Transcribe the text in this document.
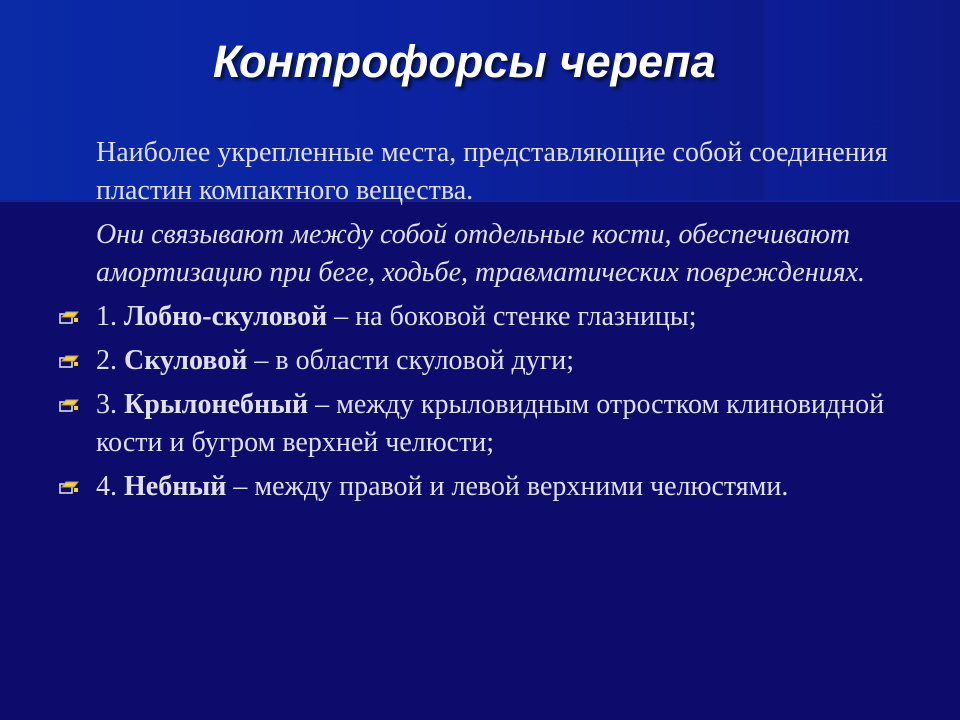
Контрофорсы черепа

Наиболее укрепленные места, представляющие собой соединения пластин компактного вещества.

Они связывают между собой отдельные кости, обеспечивают амортизацию при беге, ходьбе, травматических повреждениях.

1. Лобно-скуловой – на боковой стенке глазницы;
2. Скуловой – в области скуловой дуги;
3. Крылонебный – между крыловидным отростком клиновидной кости и бугром верхней челюсти;
4. Небный – между правой и левой верхними челюстями.
